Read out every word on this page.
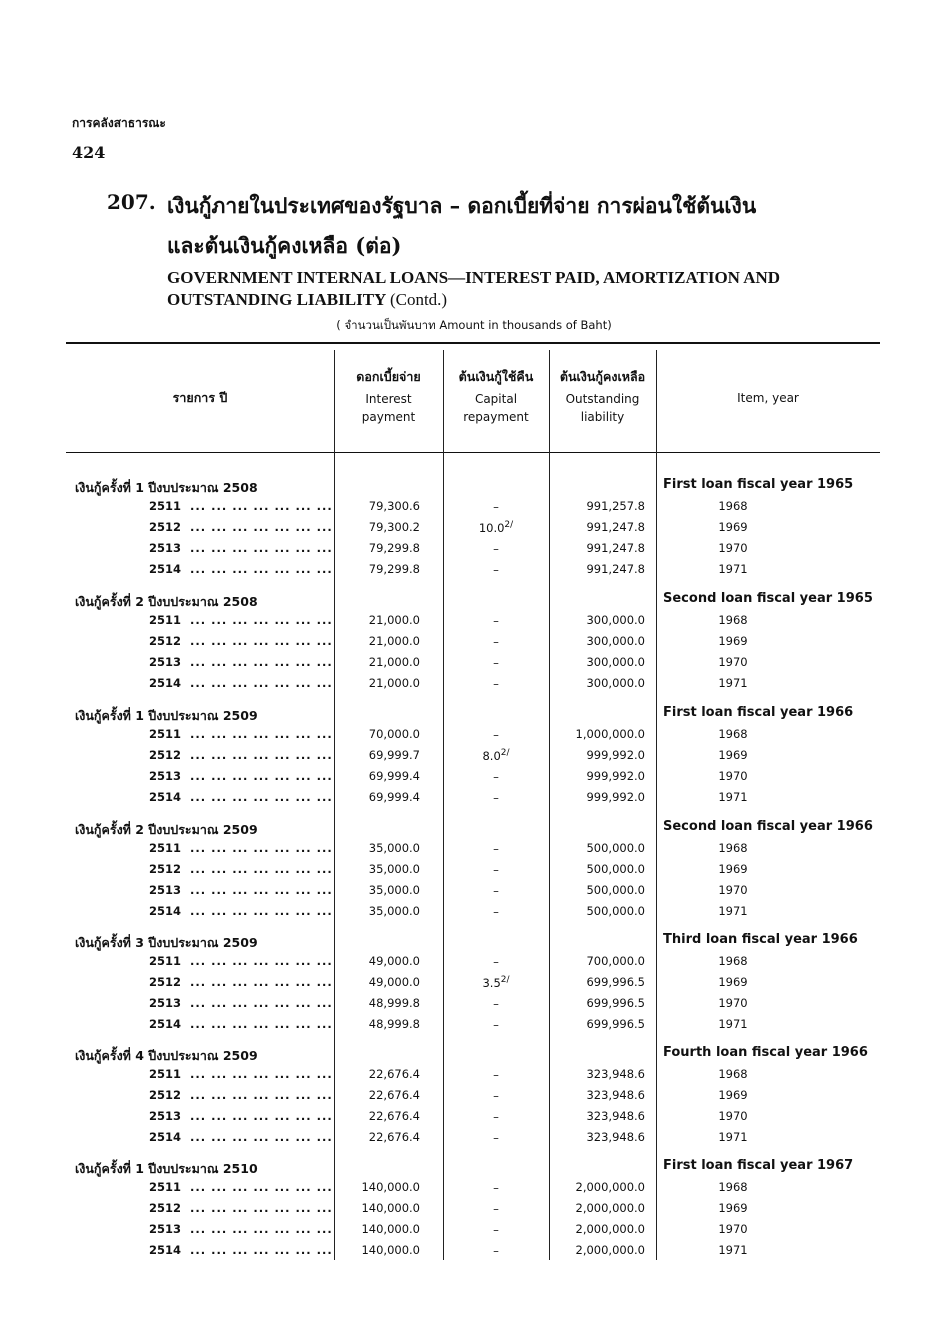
การคลังสาธารณะ
424
207. เงินกู้ภายในประเทศของรัฐบาล – ดอกเบี้ยที่จ่าย การผ่อนใช้ต้นเงิน
และต้นเงินกู้คงเหลือ (ต่อ)
GOVERNMENT INTERNAL LOANS—INTEREST PAID, AMORTIZATION AND
OUTSTANDING LIABILITY (Contd.)
( จำนวนเป็นพันบาท Amount in thousands of Baht)
รายการ ปี
ดอกเบี้ยจ่าย
Interest
payment
ต้นเงินกู้ใช้คืน
Capital
repayment
ต้นเงินกู้คงเหลือ
Outstanding
liability
Item, year
เงินกู้ครั้งที่ 1 ปีงบประมาณ 2508	First loan fiscal year 1965
2511 ... ... ... ... ... ... ...	79,300.6	–	991,257.8	1968
2512 ... ... ... ... ... ... ...	79,300.2	$10.0^{2/}$	991,247.8	1969
2513 ... ... ... ... ... ... ...	79,299.8	–	991,247.8	1970
2514 ... ... ... ... ... ... ...	79,299.8	–	991,247.8	1971
เงินกู้ครั้งที่ 2 ปีงบประมาณ 2508	Second loan fiscal year 1965
2511 ... ... ... ... ... ... ...	21,000.0	–	300,000.0	1968
2512 ... ... ... ... ... ... ...	21,000.0	–	300,000.0	1969
2513 ... ... ... ... ... ... ...	21,000.0	–	300,000.0	1970
2514 ... ... ... ... ... ... ...	21,000.0	–	300,000.0	1971
เงินกู้ครั้งที่ 1 ปีงบประมาณ 2509	First loan fiscal year 1966
2511 ... ... ... ... ... ... ...	70,000.0	–	1,000,000.0	1968
2512 ... ... ... ... ... ... ...	69,999.7	$8.0^{2/}$	999,992.0	1969
2513 ... ... ... ... ... ... ...	69,999.4	–	999,992.0	1970
2514 ... ... ... ... ... ... ...	69,999.4	–	999,992.0	1971
เงินกู้ครั้งที่ 2 ปีงบประมาณ 2509	Second loan fiscal year 1966
2511 ... ... ... ... ... ... ...	35,000.0	–	500,000.0	1968
2512 ... ... ... ... ... ... ...	35,000.0	–	500,000.0	1969
2513 ... ... ... ... ... ... ...	35,000.0	–	500,000.0	1970
2514 ... ... ... ... ... ... ...	35,000.0	–	500,000.0	1971
เงินกู้ครั้งที่ 3 ปีงบประมาณ 2509	Third loan fiscal year 1966
2511 ... ... ... ... ... ... ...	49,000.0	–	700,000.0	1968
2512 ... ... ... ... ... ... ...	49,000.0	$3.5^{2/}$	699,996.5	1969
2513 ... ... ... ... ... ... ...	48,999.8	–	699,996.5	1970
2514 ... ... ... ... ... ... ...	48,999.8	–	699,996.5	1971
เงินกู้ครั้งที่ 4 ปีงบประมาณ 2509	Fourth loan fiscal year 1966
2511 ... ... ... ... ... ... ...	22,676.4	–	323,948.6	1968
2512 ... ... ... ... ... ... ...	22,676.4	–	323,948.6	1969
2513 ... ... ... ... ... ... ...	22,676.4	–	323,948.6	1970
2514 ... ... ... ... ... ... ...	22,676.4	–	323,948.6	1971
เงินกู้ครั้งที่ 1 ปีงบประมาณ 2510	First loan fiscal year 1967
2511 ... ... ... ... ... ... ... 140,000.0	–	2,000,000.0	1968
2512 ... ... ... ... ... ... ... 140,000.0	–	2,000,000.0	1969
2513 ... ... ... ... ... ... ... 140,000.0	–	2,000,000.0	1970
2514 ... ... ... ... ... ... ... 140,000.0	–	2,000,000.0	1971
